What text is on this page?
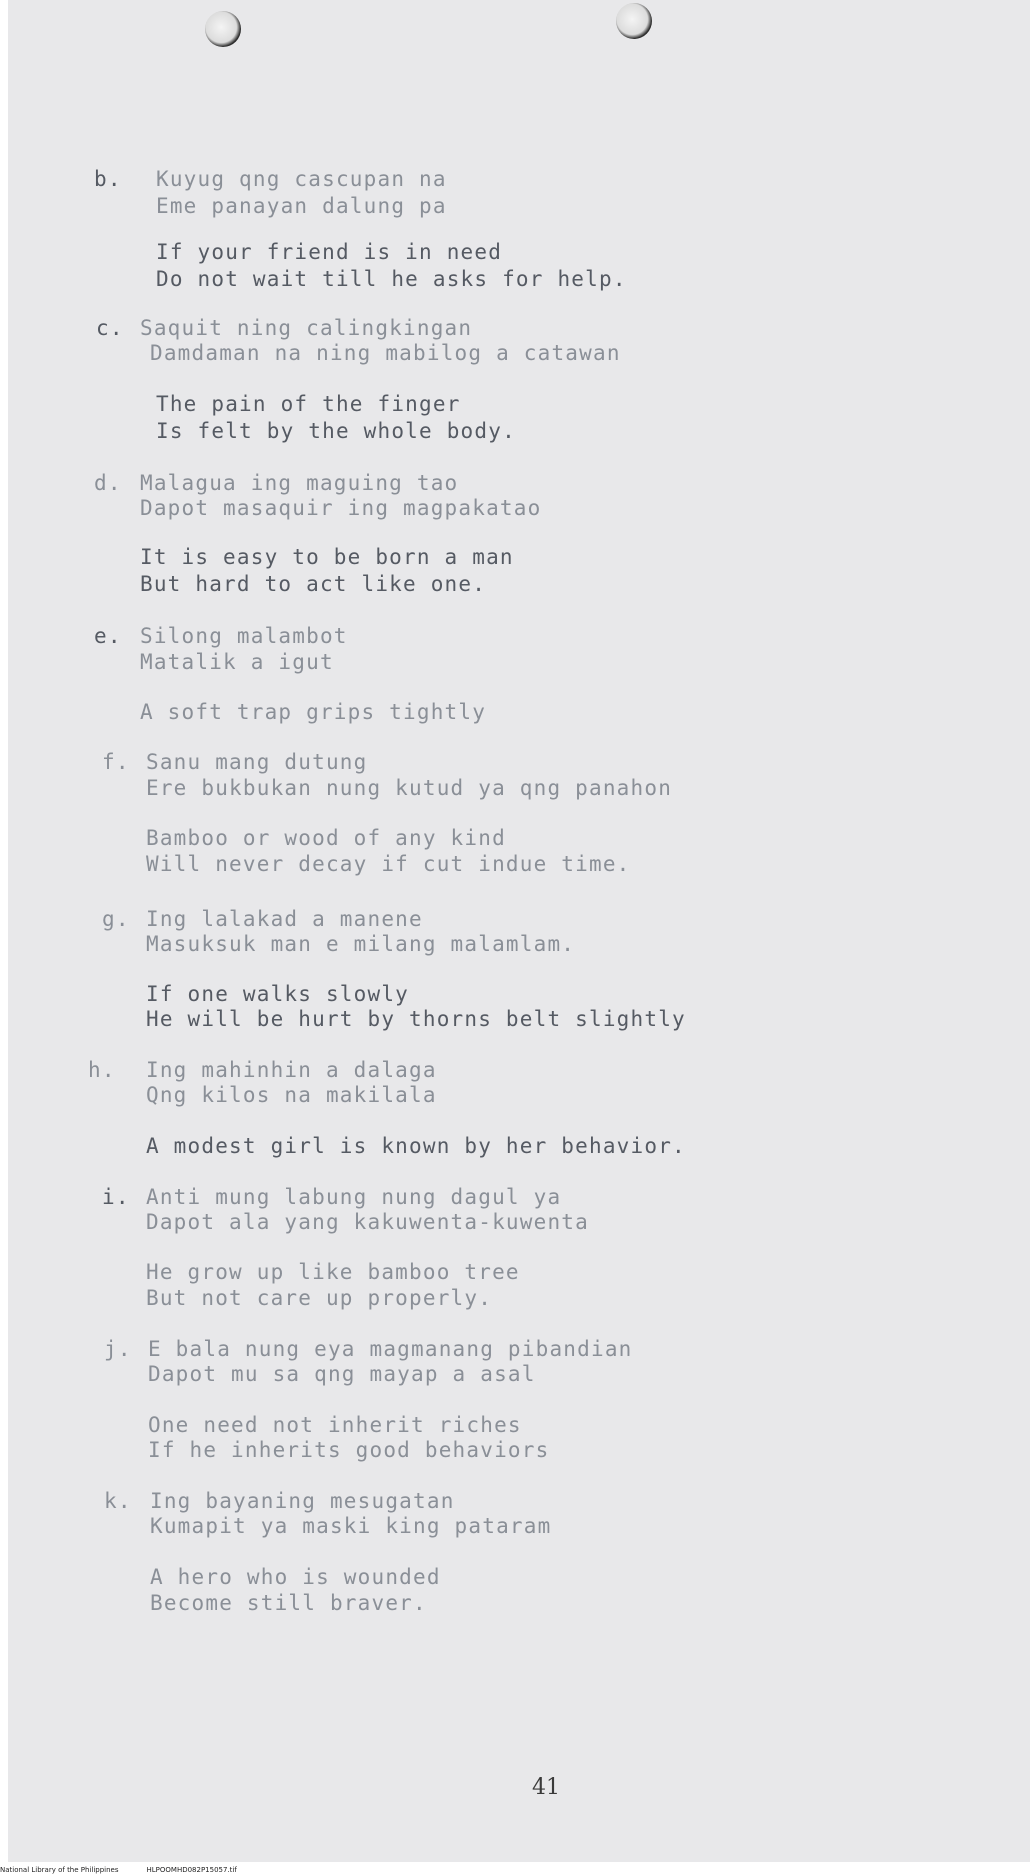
b. Kuyug qng cascupan na
Eme panayan dalung pa
If your friend is in need
Do not wait till he asks for help.
c. Saquit ning calingkingan
Damdaman na ning mabilog a catawan
The pain of the finger
Is felt by the whole body.
d. Malagua ing maguing tao
Dapot masaquir ing magpakatao
It is easy to be born a man
But hard to act like one.
e. Silong malambot
Matalik a igut
A soft trap grips tightly
f. Sanu mang dutung
Ere bukbukan nung kutud ya qng panahon
Bamboo or wood of any kind
Will never decay if cut indue time.
g. Ing lalakad a manene
Masuksuk man e milang malamlam.
If one walks slowly
He will be hurt by thorns belt slightly
h. Ing mahinhin a dalaga
Qng kilos na makilala
A modest girl is known by her behavior.
i. Anti mung labung nung dagul ya
Dapot ala yang kakuwenta-kuwenta
He grow up like bamboo tree
But not care up properly.
j. E bala nung eya magmanang pibandian
Dapot mu sa qng mayap a asal
One need not inherit riches
If he inherits good behaviors
k. Ing bayaning mesugatan
Kumapit ya maski king pataram
A hero who is wounded
Become still braver.
41
National Library of the Philippines	HLPOOMHD082P15057.tif
